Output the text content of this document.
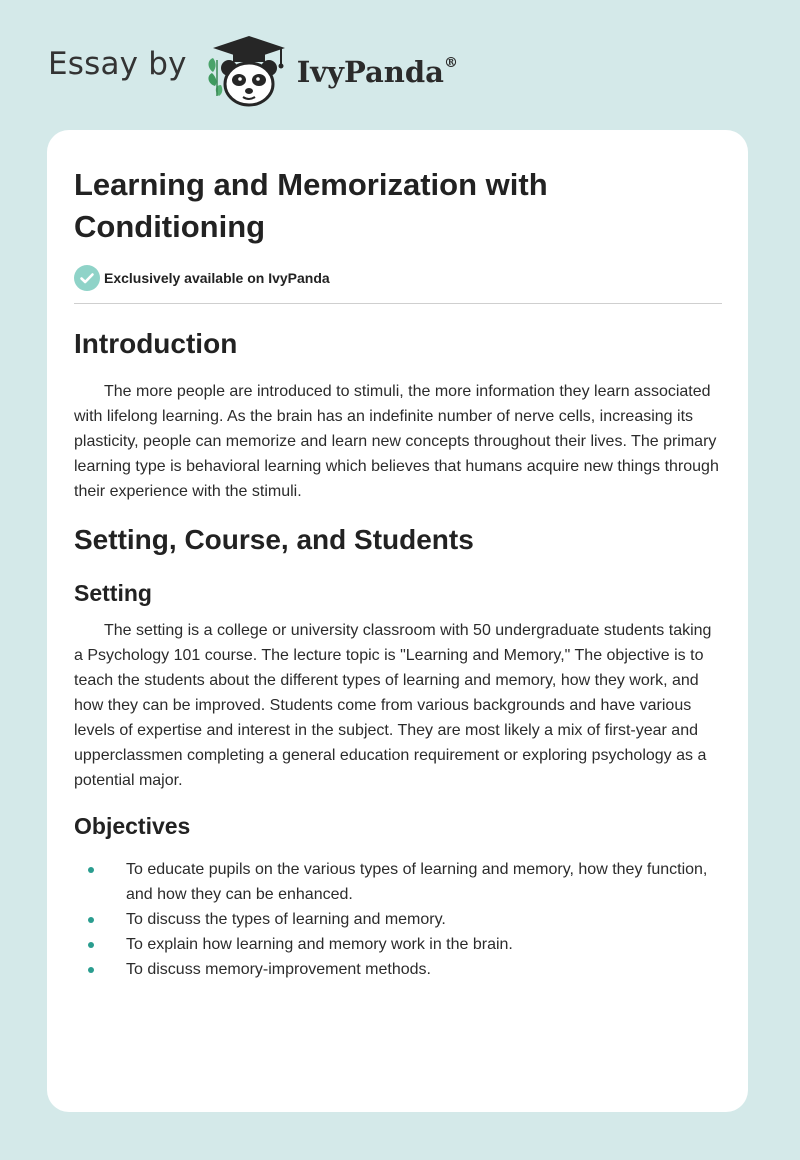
Essay by	IvyPanda®
Learning and Memorization with Conditioning
Exclusively available on IvyPanda
Introduction

The more people are introduced to stimuli, the more information they learn associated with lifelong learning. As the brain has an indefinite number of nerve cells, increasing its plasticity, people can memorize and learn new concepts throughout their lives. The primary learning type is behavioral learning which believes that humans acquire new things through their experience with the stimuli.

Setting, Course, and Students
Setting

The setting is a college or university classroom with 50 undergraduate students taking a Psychology 101 course. The lecture topic is "Learning and Memory," The objective is to teach the students about the different types of learning and memory, how they work, and how they can be improved. Students come from various backgrounds and have various levels of expertise and interest in the subject. They are most likely a mix of first-year and upperclassmen completing a general education requirement or exploring psychology as a potential major.

Objectives
To educate pupils on the various types of learning and memory, how they function, and how they can be enhanced.
To discuss the types of learning and memory.
To explain how learning and memory work in the brain.
To discuss memory-improvement methods.
